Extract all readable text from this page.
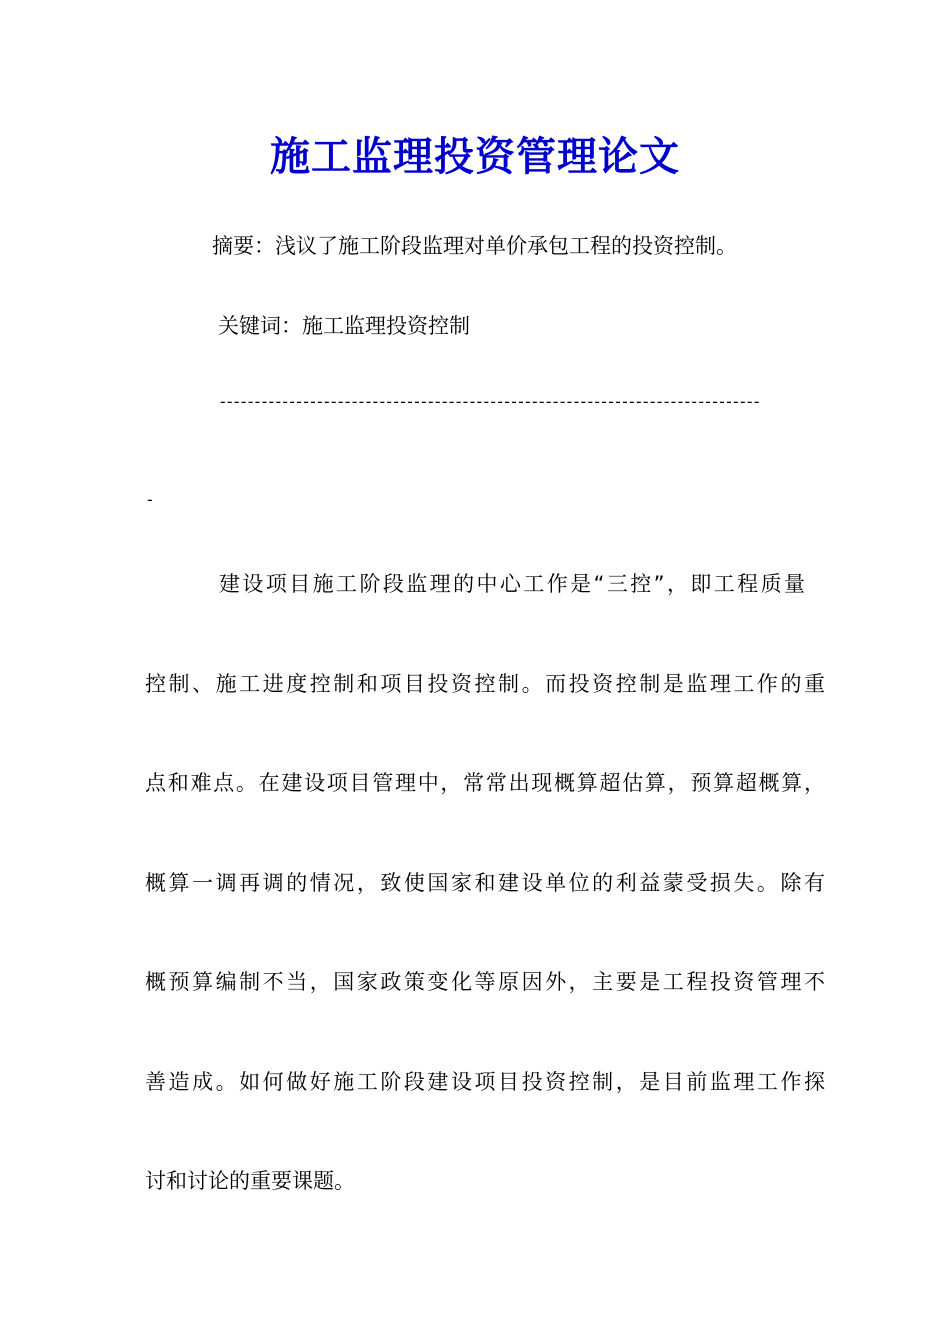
施工监理投资管理论文
摘要：浅议了施工阶段监理对单价承包工程的投资控制。
关键词：施工监理投资控制
------------------------------------------------------------------------------
-
建设项目施工阶段监理的中心工作是“三控”，即工程质量
控制、施工进度控制和项目投资控制。而投资控制是监理工作的重
点和难点。在建设项目管理中，常常出现概算超估算，预算超概算，
概算一调再调的情况，致使国家和建设单位的利益蒙受损失。除有
概预算编制不当，国家政策变化等原因外，主要是工程投资管理不
善造成。如何做好施工阶段建设项目投资控制，是目前监理工作探
讨和讨论的重要课题。
